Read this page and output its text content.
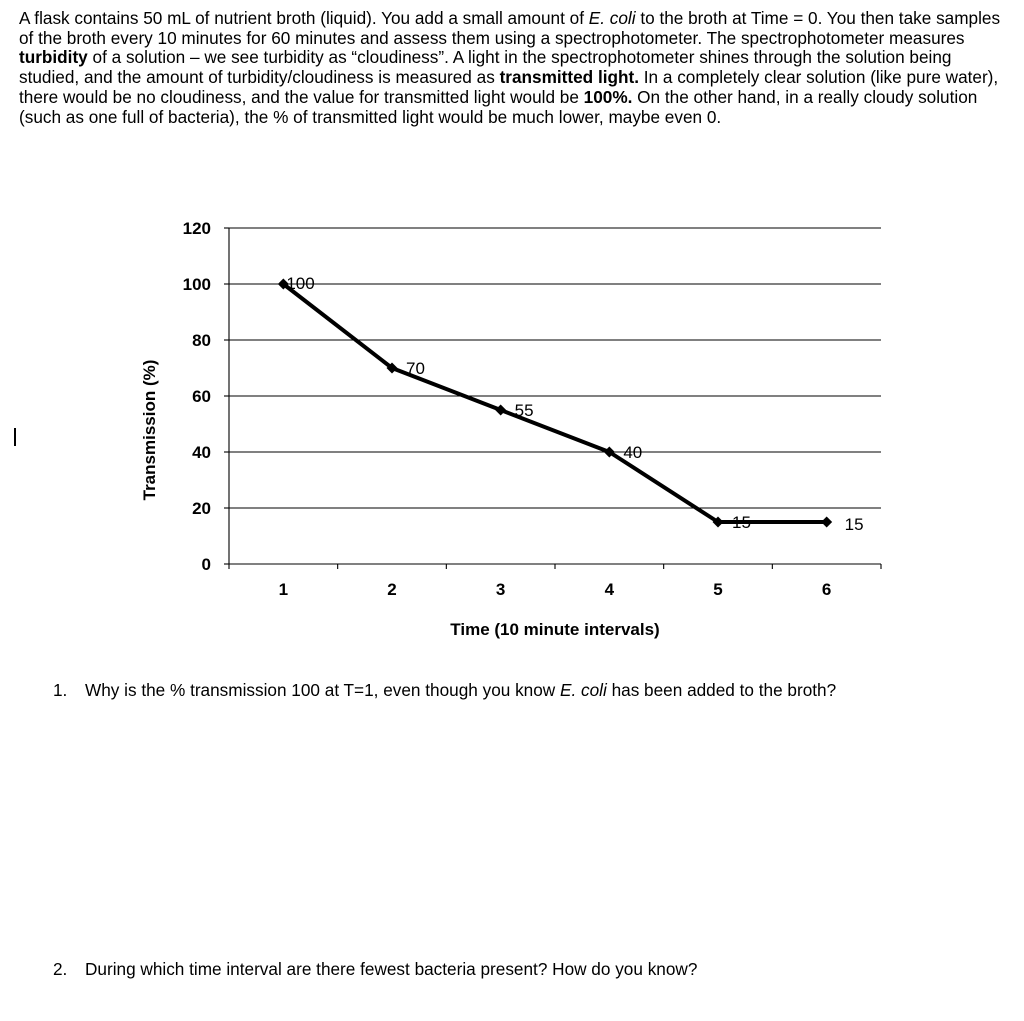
A flask contains 50 mL of nutrient broth (liquid). You add a small amount of E. coli to the broth at Time = 0. You then take samples of the broth every 10 minutes for 60 minutes and assess them using a spectrophotometer. The spectrophotometer measures turbidity of a solution – we see turbidity as “cloudiness”. A light in the spectrophotometer shines through the solution being studied, and the amount of turbidity/cloudiness is measured as transmitted light. In a completely clear solution (like pure water), there would be no cloudiness, and the value for transmitted light would be 100%. On the other hand, in a really cloudy solution (such as one full of bacteria), the % of transmitted light would be much lower, maybe even 0.

0
20
40
60
80
100
120
1	2	3	4	5	6
Time (10 minute intervals)
Transmission (%)
100
70
55
40
15	15

1. Why is the % transmission 100 at T=1, even though you know E. coli has been added to the broth?

2. During which time interval are there fewest bacteria present? How do you know?
